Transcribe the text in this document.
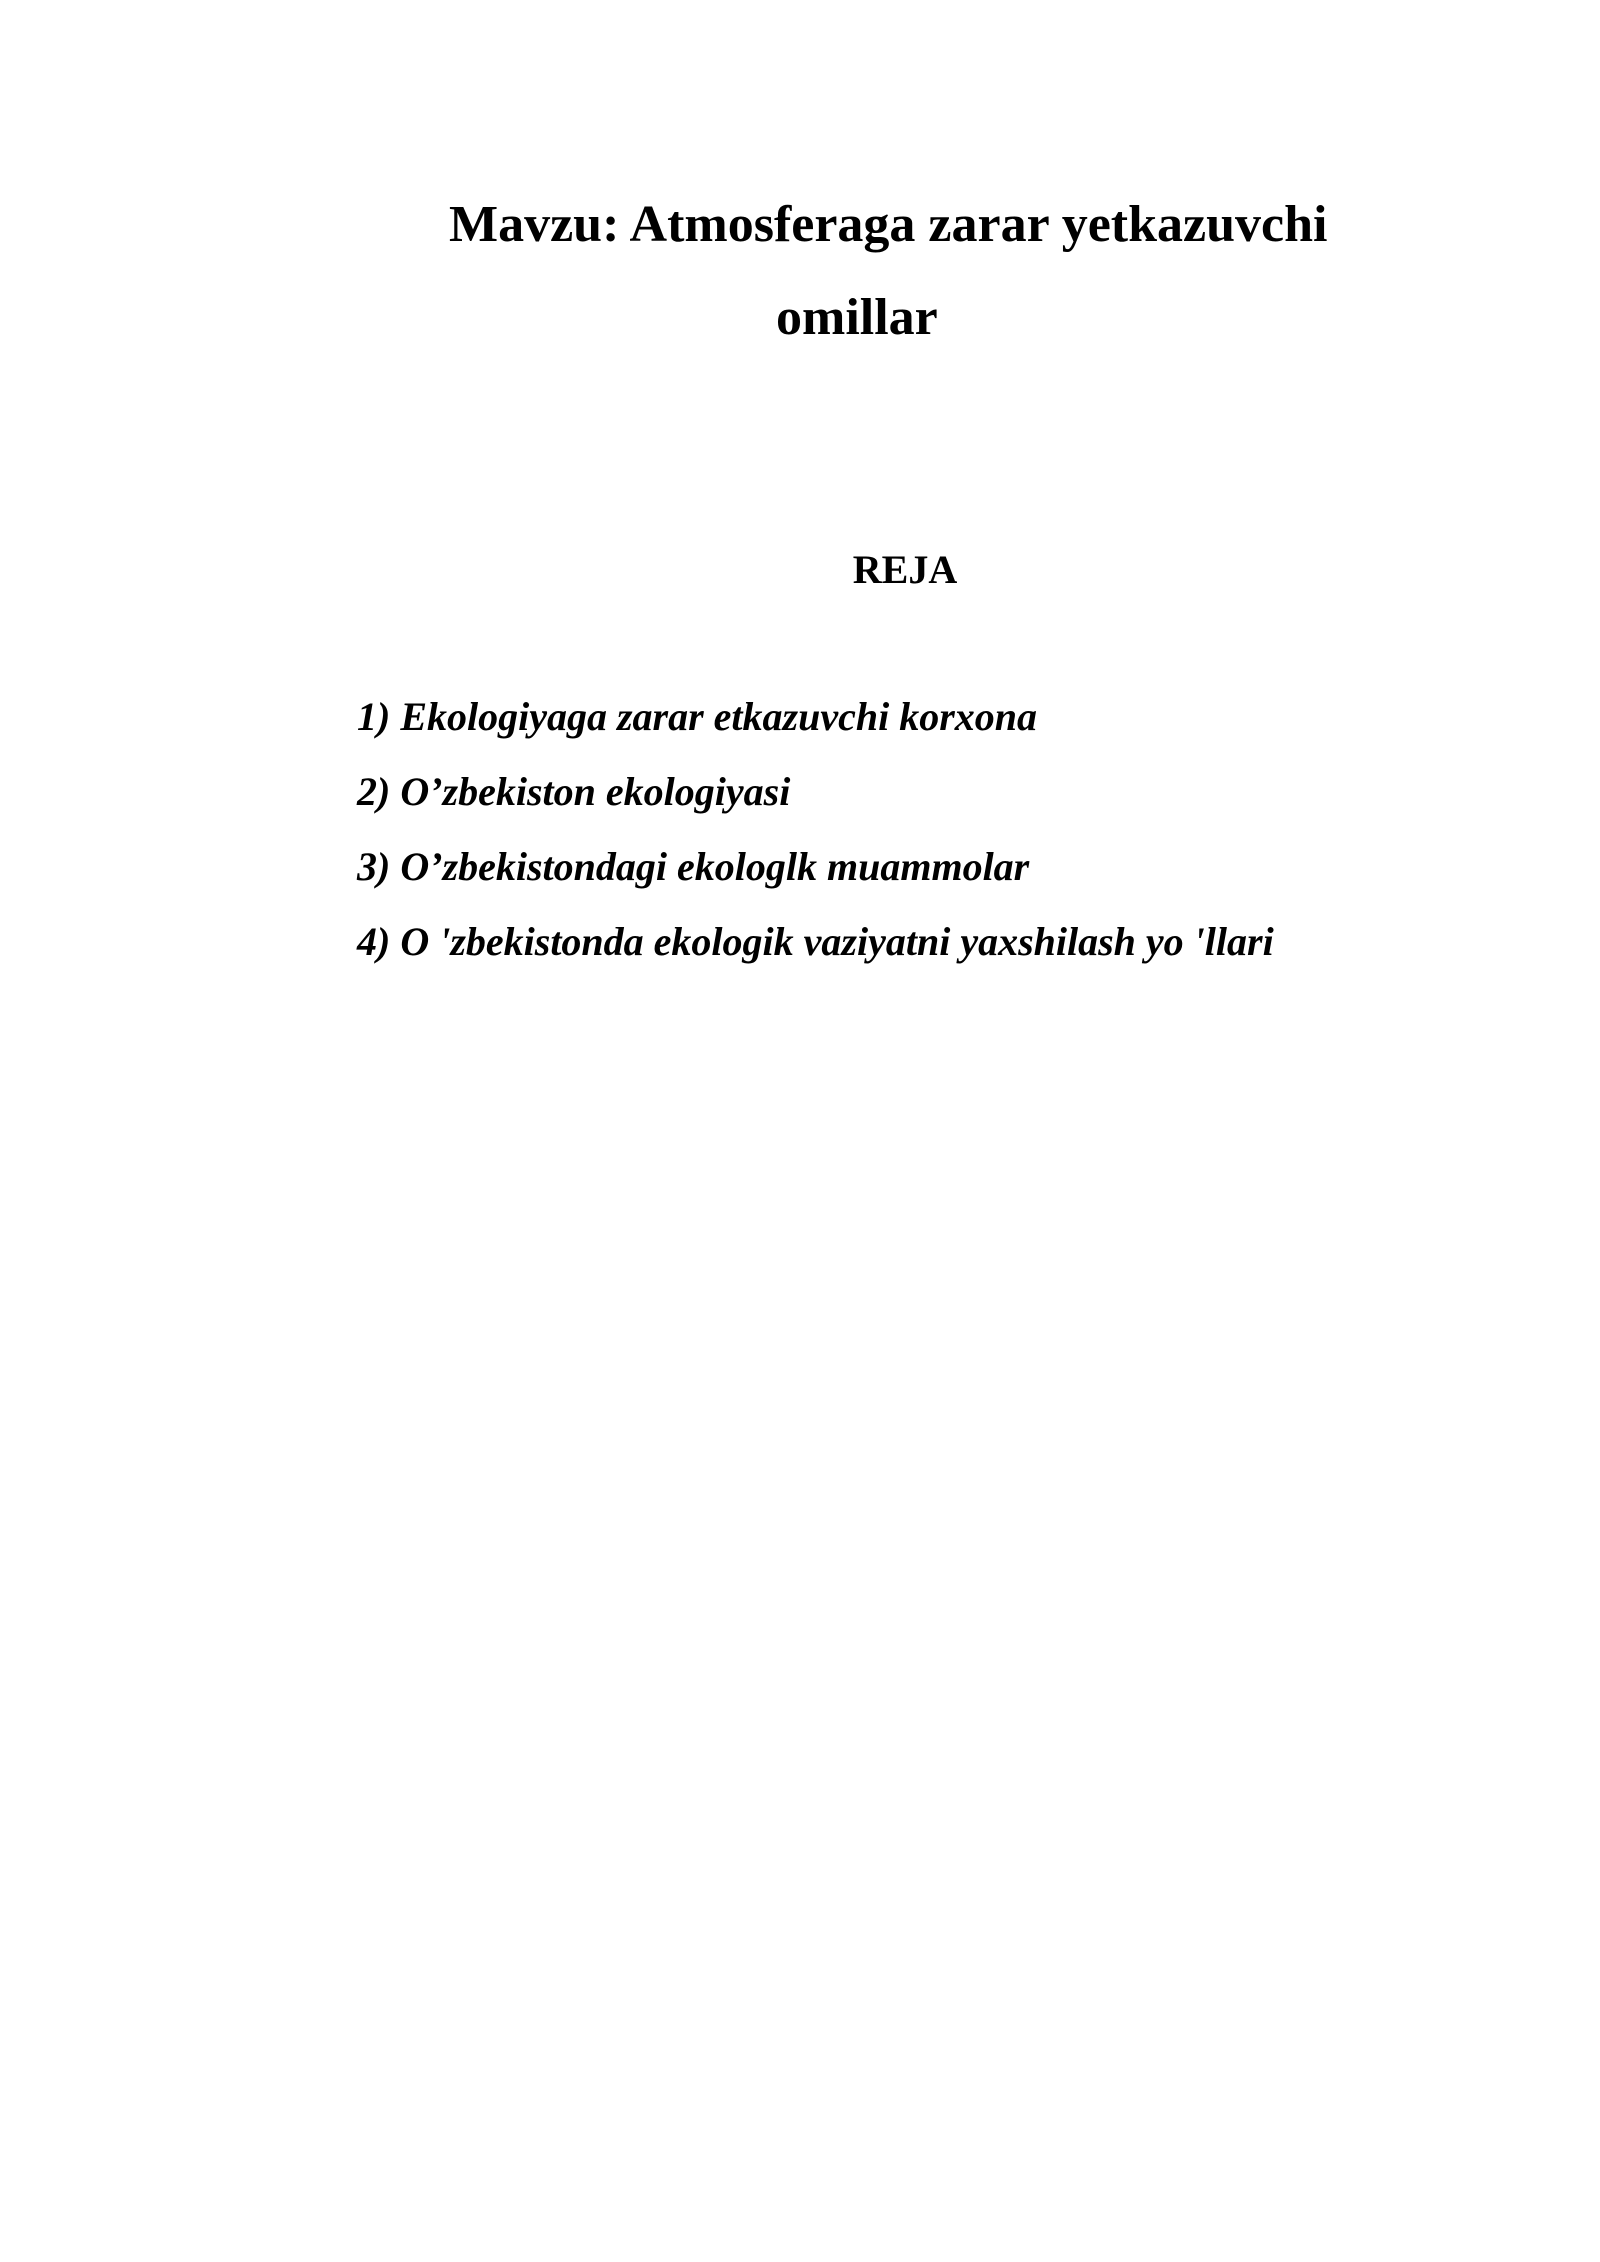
Mavzu: Atmosferaga zarar yetkazuvchi
omillar
REJA
1) Ekologiyaga zarar etkazuvchi korxona
2) O’zbekiston ekologiyasi
3) O’zbekistondagi ekologlk muammolar
4) O 'zbekistonda ekologik vaziyatni yaxshilash yo 'llari
